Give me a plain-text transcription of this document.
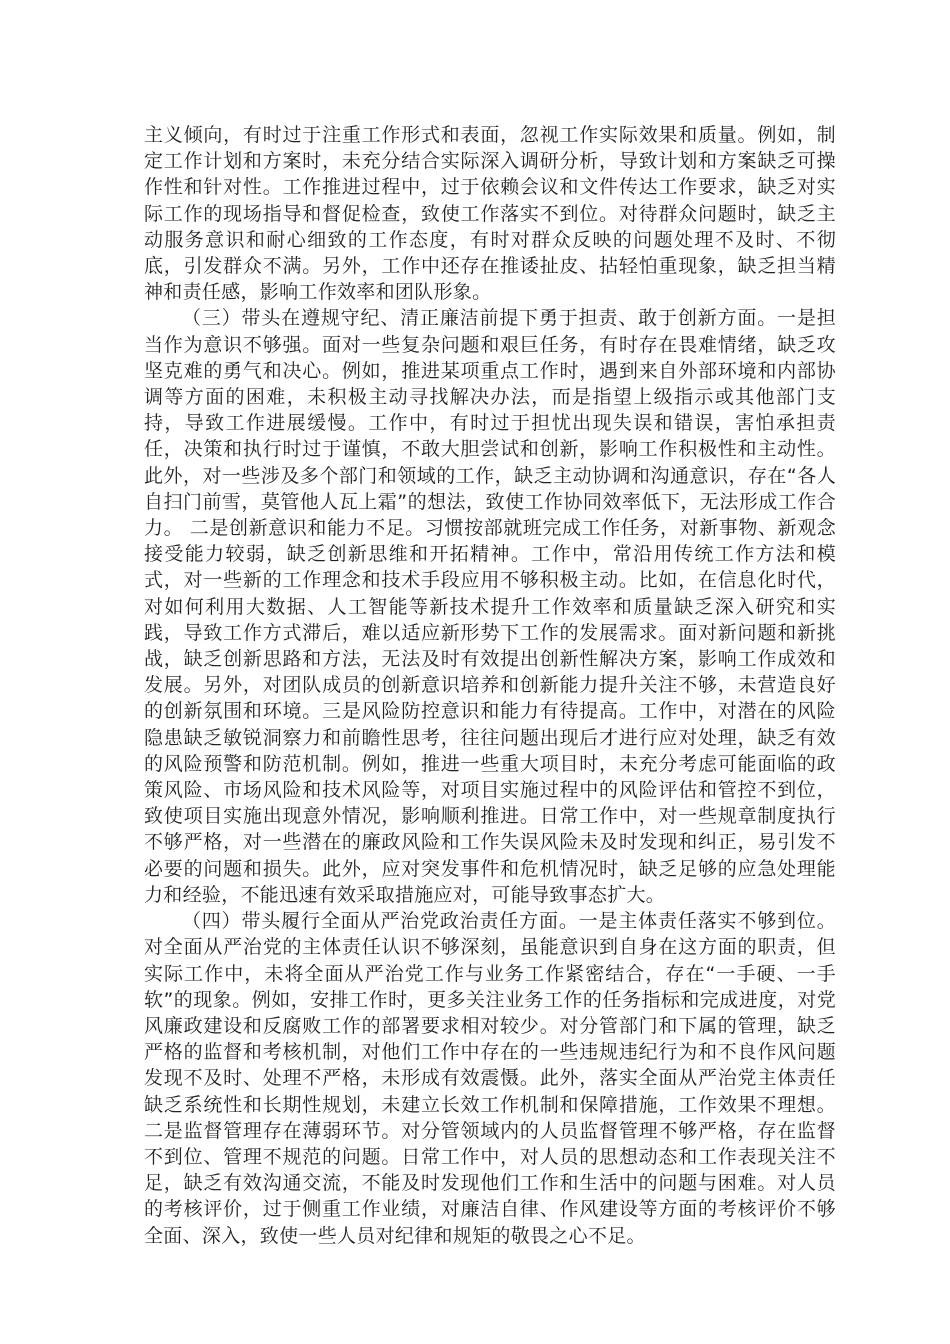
主义倾向，有时过于注重工作形式和表面，忽视工作实际效果和质量。例如，制定工作计划和方案时，未充分结合实际深入调研分析，导致计划和方案缺乏可操作性和针对性。工作推进过程中，过于依赖会议和文件传达工作要求，缺乏对实际工作的现场指导和督促检查，致使工作落实不到位。对待群众问题时，缺乏主动服务意识和耐心细致的工作态度，有时对群众反映的问题处理不及时、不彻底，引发群众不满。另外，工作中还存在推诿扯皮、拈轻怕重现象，缺乏担当精神和责任感，影响工作效率和团队形象。

（三）带头在遵规守纪、清正廉洁前提下勇于担责、敢于创新方面。一是担当作为意识不够强。面对一些复杂问题和艰巨任务，有时存在畏难情绪，缺乏攻坚克难的勇气和决心。例如，推进某项重点工作时，遇到来自外部环境和内部协调等方面的困难，未积极主动寻找解决办法，而是指望上级指示或其他部门支持，导致工作进展缓慢。工作中，有时过于担忧出现失误和错误，害怕承担责任，决策和执行时过于谨慎，不敢大胆尝试和创新，影响工作积极性和主动性。此外，对一些涉及多个部门和领域的工作，缺乏主动协调和沟通意识，存在“各人自扫门前雪，莫管他人瓦上霜”的想法，致使工作协同效率低下，无法形成工作合力。 二是创新意识和能力不足。习惯按部就班完成工作任务，对新事物、新观念接受能力较弱，缺乏创新思维和开拓精神。工作中，常沿用传统工作方法和模式，对一些新的工作理念和技术手段应用不够积极主动。比如，在信息化时代，对如何利用大数据、人工智能等新技术提升工作效率和质量缺乏深入研究和实践，导致工作方式滞后，难以适应新形势下工作的发展需求。面对新问题和新挑战，缺乏创新思路和方法，无法及时有效提出创新性解决方案，影响工作成效和发展。另外，对团队成员的创新意识培养和创新能力提升关注不够，未营造良好的创新氛围和环境。三是风险防控意识和能力有待提高。工作中，对潜在的风险隐患缺乏敏锐洞察力和前瞻性思考，往往问题出现后才进行应对处理，缺乏有效的风险预警和防范机制。例如，推进一些重大项目时，未充分考虑可能面临的政策风险、市场风险和技术风险等，对项目实施过程中的风险评估和管控不到位，致使项目实施出现意外情况，影响顺利推进。日常工作中，对一些规章制度执行不够严格，对一些潜在的廉政风险和工作失误风险未及时发现和纠正，易引发不必要的问题和损失。此外，应对突发事件和危机情况时，缺乏足够的应急处理能力和经验，不能迅速有效采取措施应对，可能导致事态扩大。

（四）带头履行全面从严治党政治责任方面。一是主体责任落实不够到位。对全面从严治党的主体责任认识不够深刻，虽能意识到自身在这方面的职责，但实际工作中，未将全面从严治党工作与业务工作紧密结合，存在“一手硬、一手软”的现象。例如，安排工作时，更多关注业务工作的任务指标和完成进度，对党风廉政建设和反腐败工作的部署要求相对较少。对分管部门和下属的管理，缺乏严格的监督和考核机制，对他们工作中存在的一些违规违纪行为和不良作风问题发现不及时、处理不严格，未形成有效震慑。此外，落实全面从严治党主体责任缺乏系统性和长期性规划，未建立长效工作机制和保障措施，工作效果不理想。二是监督管理存在薄弱环节。对分管领域内的人员监督管理不够严格，存在监督不到位、管理不规范的问题。日常工作中，对人员的思想动态和工作表现关注不足，缺乏有效沟通交流，不能及时发现他们工作和生活中的问题与困难。对人员的考核评价，过于侧重工作业绩，对廉洁自律、作风建设等方面的考核评价不够全面、深入，致使一些人员对纪律和规矩的敬畏之心不足。
